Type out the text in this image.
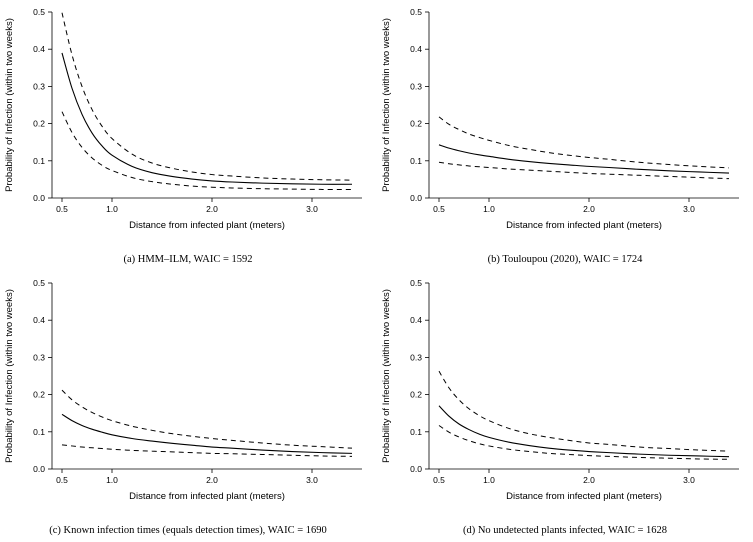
0.5	1.0	2.0	3.0
0.0
0.1
0.2
0.3
0.4
0.5
Distance from infected plant (meters)
Probability of Infection (within two weeks)
(a) HMM–ILM, WAIC = 1592
0.5	1.0	2.0	3.0
0.0
0.1
0.2
0.3
0.4
0.5
Distance from infected plant (meters)
Probability of Infection (within two weeks)
(b) Touloupou (2020), WAIC = 1724
0.5	1.0	2.0	3.0
0.0
0.1
0.2
0.3
0.4
0.5
Distance from infected plant (meters)
Probability of Infection (within two weeks)
(c) Known infection times (equals detection times), WAIC = 1690
0.5	1.0	2.0	3.0
0.0
0.1
0.2
0.3
0.4
0.5
Distance from infected plant (meters)
Probability of Infection (within two weeks)
(d) No undetected plants infected, WAIC = 1628
